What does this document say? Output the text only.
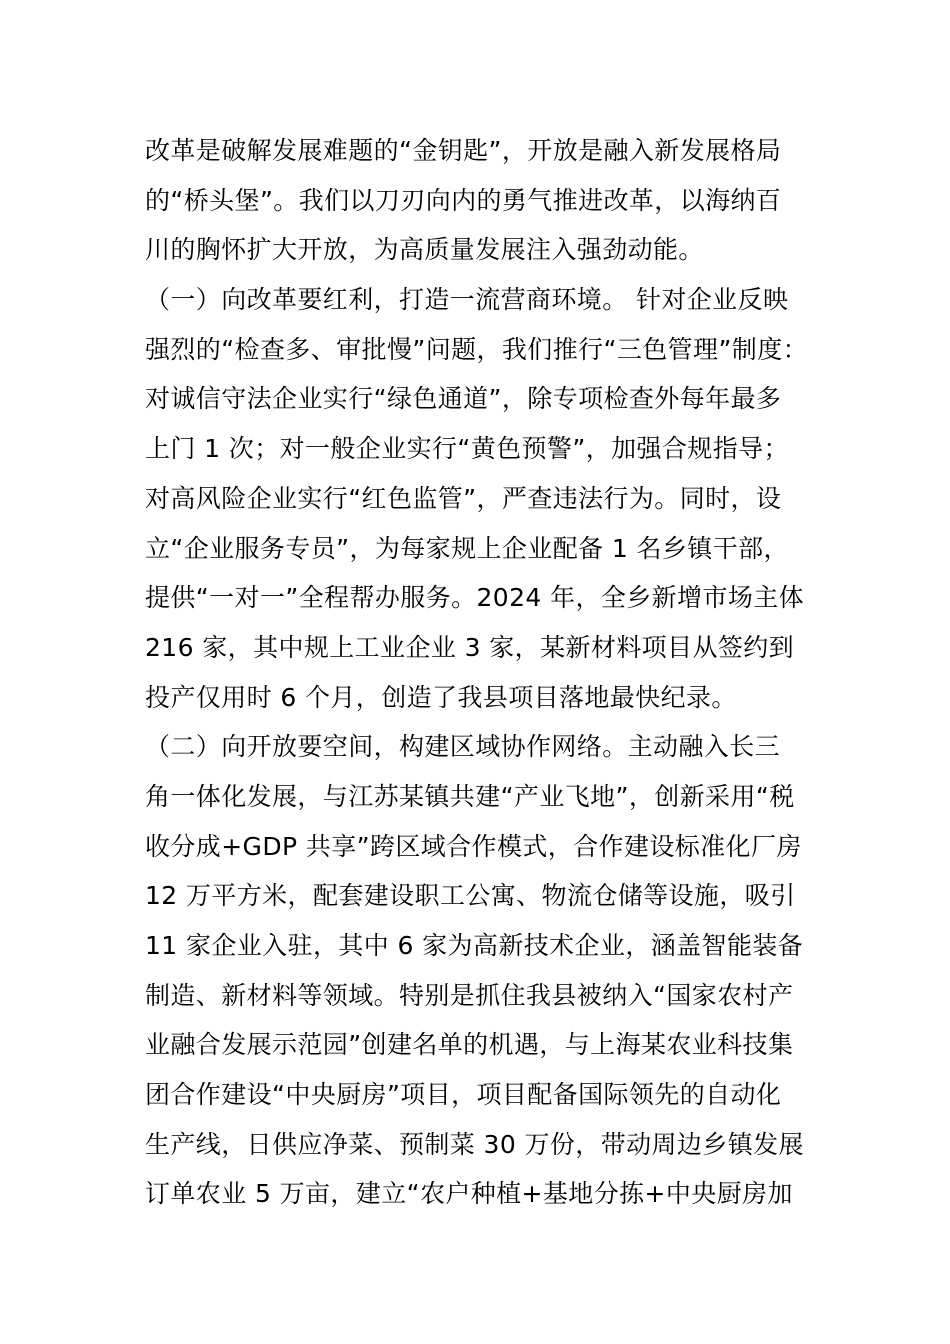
改革是破解发展难题的“金钥匙”，开放是融入新发展格局
的“桥头堡”。我们以刀刃向内的勇气推进改革，以海纳百
川的胸怀扩大开放，为高质量发展注入强劲动能。
（一）向改革要红利，打造一流营商环境。 针对企业反映
强烈的“检查多、审批慢”问题，我们推行“三色管理”制度：
对诚信守法企业实行“绿色通道”，除专项检查外每年最多
上门 1 次；对一般企业实行“黄色预警”，加强合规指导；
对高风险企业实行“红色监管”，严查违法行为。同时，设
立“企业服务专员”，为每家规上企业配备 1 名乡镇干部，
提供“一对一”全程帮办服务。2024 年，全乡新增市场主体
216 家，其中规上工业企业 3 家，某新材料项目从签约到
投产仅用时 6 个月，创造了我县项目落地最快纪录。
（二）向开放要空间，构建区域协作网络。主动融入长三
角一体化发展，与江苏某镇共建“产业飞地”，创新采用“税
收分成+GDP 共享”跨区域合作模式，合作建设标准化厂房
12 万平方米，配套建设职工公寓、物流仓储等设施，吸引
11 家企业入驻，其中 6 家为高新技术企业，涵盖智能装备
制造、新材料等领域。特别是抓住我县被纳入“国家农村产
业融合发展示范园”创建名单的机遇，与上海某农业科技集
团合作建设“中央厨房”项目，项目配备国际领先的自动化
生产线，日供应净菜、预制菜 30 万份，带动周边乡镇发展
订单农业 5 万亩，建立“农户种植+基地分拣+中央厨房加
